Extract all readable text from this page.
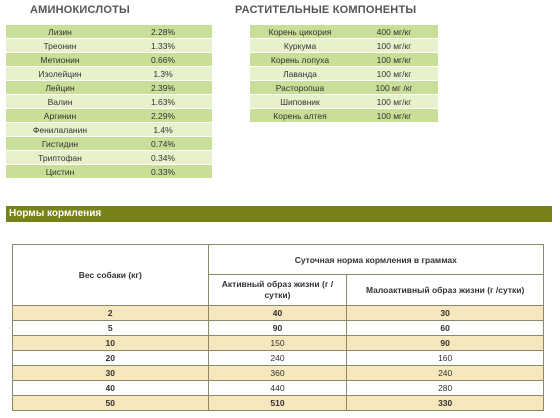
АМИНОКИСЛОТЫ	РАСТИТЕЛЬНЫЕ КОМПОНЕНТЫ
Лизин	2.28%
Треонин	1.33%
Метионин	0.66%
Изолейцин	1.3%
Лейцин	2.39%
Валин	1.63%
Аргинин	2.29%
Фенилаланин	1.4%
Гистидин	0.74%
Триптофан	0.34%
Цистин	0.33%
Корень цикория	400 мг/кг
Куркума	100 мг/кг
Корень лопуха	100 мг/кг
Лаванда	100 мг/кг
Расторопша	100 мг /кг
Шиповник	100 мг/кг
Корень алтея	100 мг/кг
Нормы кормления
Вес собаки (кг)	Суточная норма кормления в граммах	
	Активный образ жизни (г / сутки)	Малоактивный образ жизни (г /сутки)
2	40	30
5	90	60
10	150	90
20	240	160
30	360	240
40	440	280
50	510	330
